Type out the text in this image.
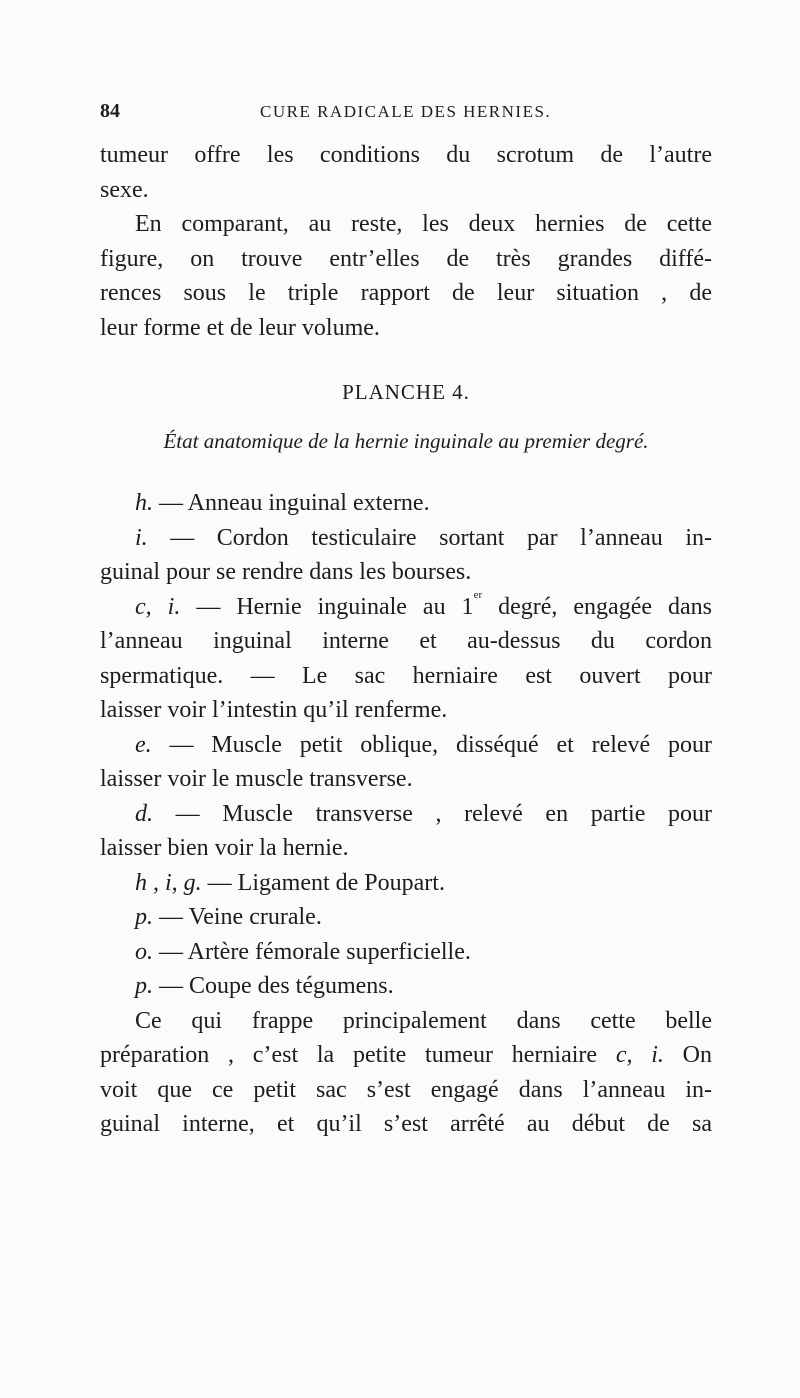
84	CURE RADICALE DES HERNIES.
tumeur offre les conditions du scrotum de l’autre
sexe.
En comparant, au reste, les deux hernies de cette
figure, on trouve entr’elles de très grandes diffé-
rences sous le triple rapport de leur situation , de
leur forme et de leur volume.
PLANCHE 4.
État anatomique de la hernie inguinale au premier degré.
h. — Anneau inguinal externe.
i. — Cordon testiculaire sortant par l’anneau in-
guinal pour se rendre dans les bourses.
c, i. — Hernie inguinale au 1er degré, engagée dans
l’anneau inguinal interne et au-dessus du cordon
spermatique. — Le sac herniaire est ouvert pour
laisser voir l’intestin qu’il renferme.
e. — Muscle petit oblique, disséqué et relevé pour
laisser voir le muscle transverse.
d. — Muscle transverse , relevé en partie pour
laisser bien voir la hernie.
h , i, g. — Ligament de Poupart.
p. — Veine crurale.
o. — Artère fémorale superficielle.
p. — Coupe des tégumens.
Ce qui frappe principalement dans cette belle
préparation , c’est la petite tumeur herniaire c, i. On
voit que ce petit sac s’est engagé dans l’anneau in-
guinal interne, et qu’il s’est arrêté au début de sa
